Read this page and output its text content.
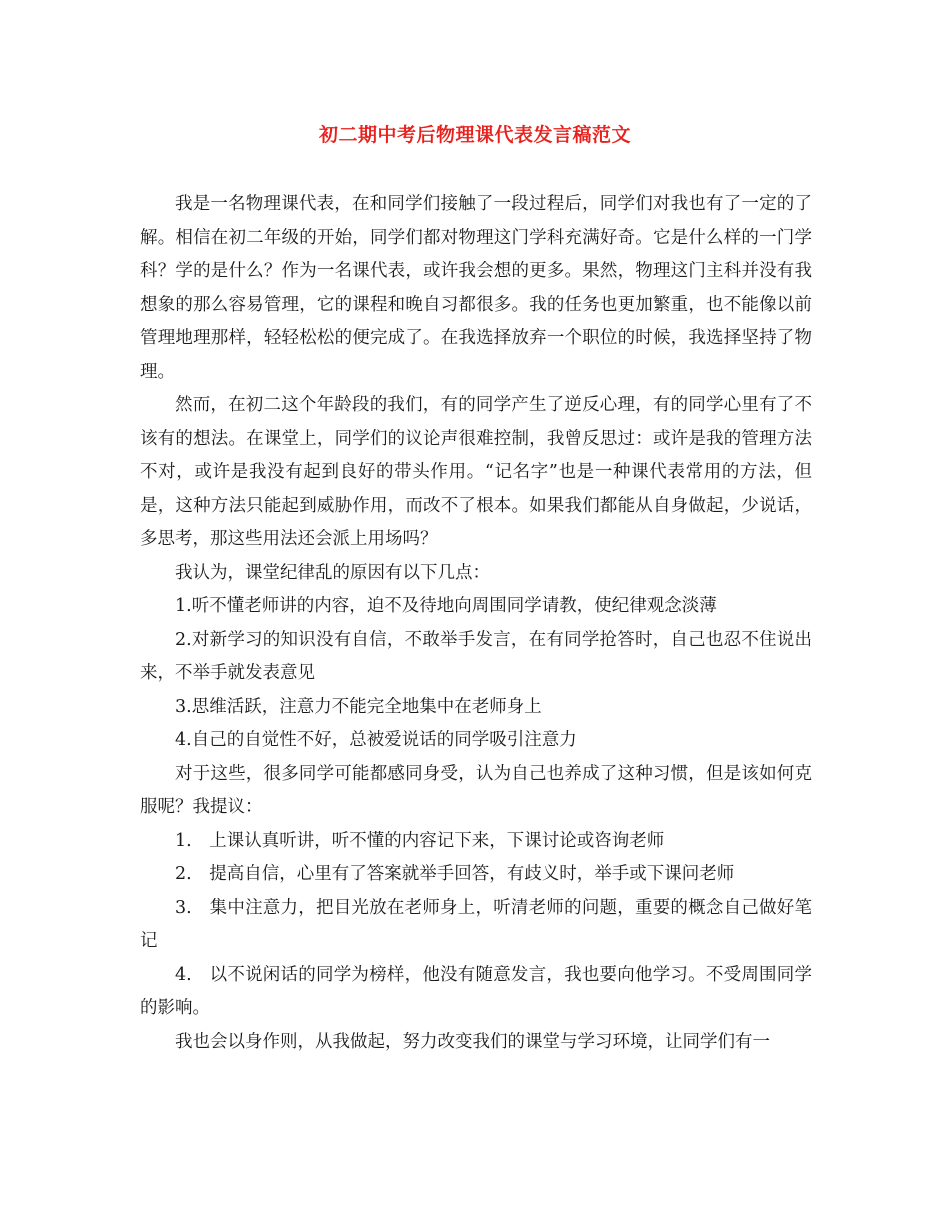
初二期中考后物理课代表发言稿范文

我是一名物理课代表，在和同学们接触了一段过程后，同学们对我也有了一定的了解。相信在初二年级的开始，同学们都对物理这门学科充满好奇。它是什么样的一门学科？学的是什么？作为一名课代表，或许我会想的更多。果然，物理这门主科并没有我想象的那么容易管理，它的课程和晚自习都很多。我的任务也更加繁重，也不能像以前管理地理那样，轻轻松松的便完成了。在我选择放弃一个职位的时候，我选择坚持了物理。

然而，在初二这个年龄段的我们，有的同学产生了逆反心理，有的同学心里有了不该有的想法。在课堂上，同学们的议论声很难控制，我曾反思过：或许是我的管理方法不对，或许是我没有起到良好的带头作用。“记名字”也是一种课代表常用的方法，但是，这种方法只能起到威胁作用，而改不了根本。如果我们都能从自身做起，少说话，多思考，那这些用法还会派上用场吗？

我认为，课堂纪律乱的原因有以下几点：

1.听不懂老师讲的内容，迫不及待地向周围同学请教，使纪律观念淡薄

2.对新学习的知识没有自信，不敢举手发言，在有同学抢答时，自己也忍不住说出来，不举手就发表意见

3.思维活跃，注意力不能完全地集中在老师身上

4.自己的自觉性不好，总被爱说话的同学吸引注意力

对于这些，很多同学可能都感同身受，认为自己也养成了这种习惯，但是该如何克服呢？我提议：

1.　上课认真听讲，听不懂的内容记下来，下课讨论或咨询老师

2.　提高自信，心里有了答案就举手回答，有歧义时，举手或下课问老师

3.　集中注意力，把目光放在老师身上，听清老师的问题，重要的概念自己做好笔记

4.　以不说闲话的同学为榜样，他没有随意发言，我也要向他学习。不受周围同学的影响。

我也会以身作则，从我做起，努力改变我们的课堂与学习环境，让同学们有一
